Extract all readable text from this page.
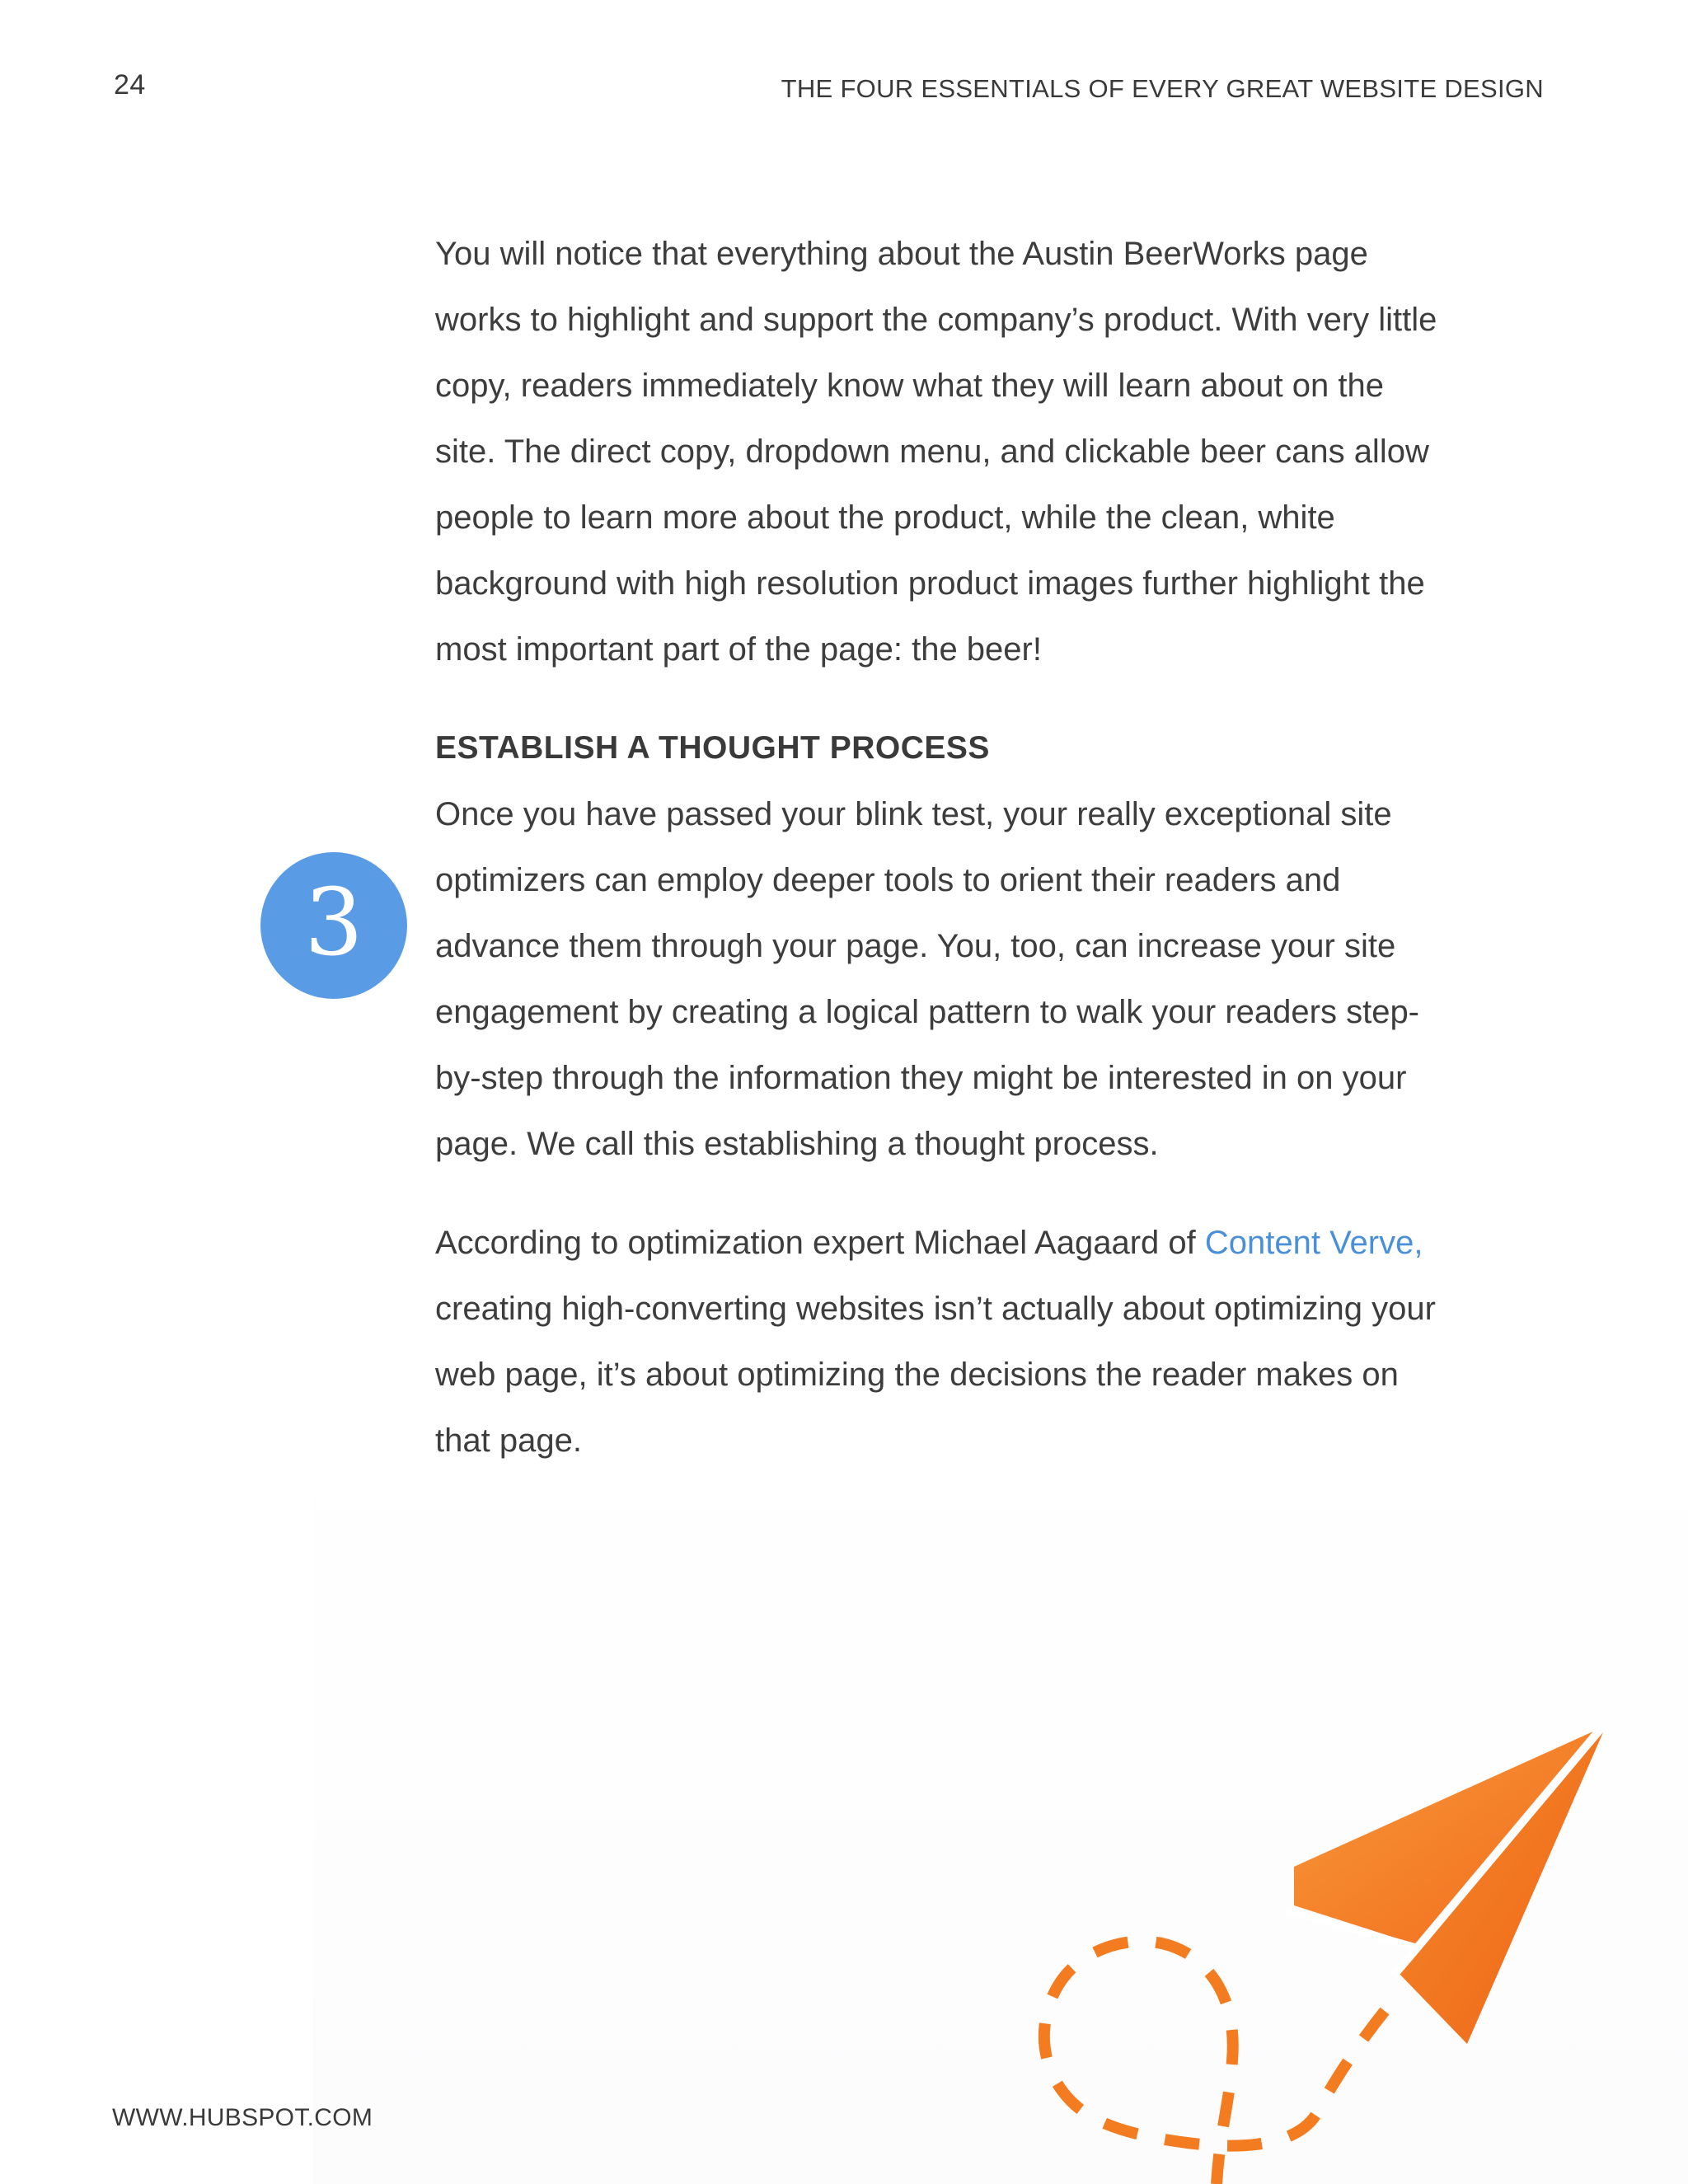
24	THE FOUR ESSENTIALS OF EVERY GREAT WEBSITE DESIGN
3

You will notice that everything about the Austin BeerWorks page works to highlight and support the company’s product. With very little copy, readers immediately know what they will learn about on the site. The direct copy, dropdown menu, and clickable beer cans allow people to learn more about the product, while the clean, white background with high resolution product images further highlight the most important part of the page: the beer!

ESTABLISH A THOUGHT PROCESS

Once you have passed your blink test, your really exceptional site optimizers can employ deeper tools to orient their readers and advance them through your page. You, too, can increase your site engagement by creating a logical pattern to walk your readers step-by-step through the information they might be interested in on your page. We call this establishing a thought process.

According to optimization expert Michael Aagaard of Content Verve, creating high-converting websites isn’t actually about optimizing your web page, it’s about optimizing the decisions the reader makes on that page.

WWW.HUBSPOT.COM
